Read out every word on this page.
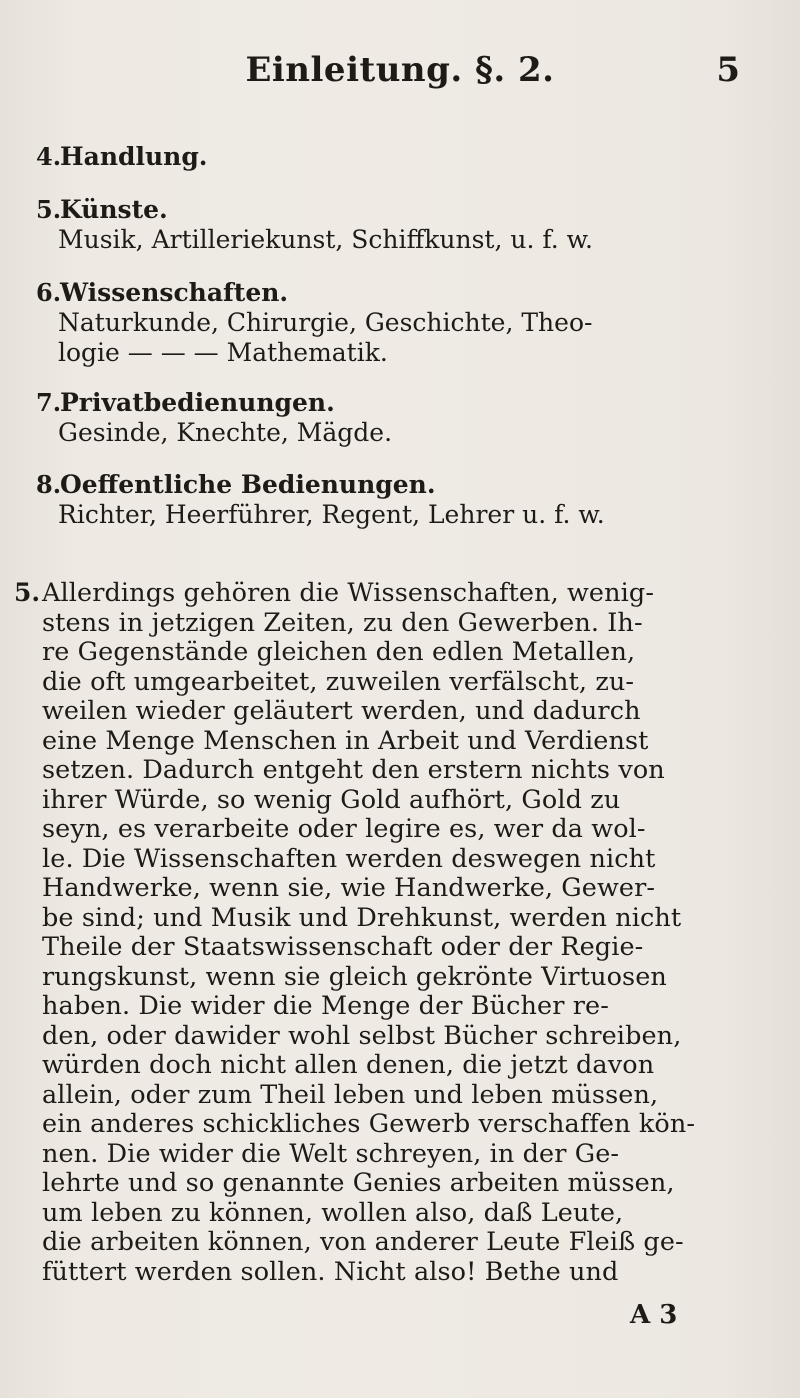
Einleitung. §. 2.	5
4.
Handlung.
5.
Künste.
Musik, Artilleriekunst, Schiffkunst, u. f. w.
6.
Wissenschaften.
Naturkunde, Chirurgie, Geschichte, Theo-
logie — — — Mathematik.
7.
Privatbedienungen.
Gesinde, Knechte, Mägde.
8.
Oeffentliche Bedienungen.
Richter, Heerführer, Regent, Lehrer u. f. w.
5. Allerdings gehören die Wissenschaften, wenig-
stens in jetzigen Zeiten, zu den Gewerben. Ih-
re Gegenstände gleichen den edlen Metallen,
die oft umgearbeitet, zuweilen verfälscht, zu-
weilen wieder geläutert werden, und dadurch
eine Menge Menschen in Arbeit und Verdienst
setzen. Dadurch entgeht den erstern nichts von
ihrer Würde, so wenig Gold aufhört, Gold zu
seyn, es verarbeite oder legire es, wer da wol-
le. Die Wissenschaften werden deswegen nicht
Handwerke, wenn sie, wie Handwerke, Gewer-
be sind; und Musik und Drehkunst, werden nicht
Theile der Staatswissenschaft oder der Regie-
rungskunst, wenn sie gleich gekrönte Virtuosen
haben. Die wider die Menge der Bücher re-
den, oder dawider wohl selbst Bücher schreiben,
würden doch nicht allen denen, die jetzt davon
allein, oder zum Theil leben und leben müssen,
ein anderes schickliches Gewerb verschaffen kön-
nen. Die wider die Welt schreyen, in der Ge-
lehrte und so genannte Genies arbeiten müssen,
um leben zu können, wollen also, daß Leute,
die arbeiten können, von anderer Leute Fleiß ge-
füttert werden sollen. Nicht also! Bethe und
A 3
